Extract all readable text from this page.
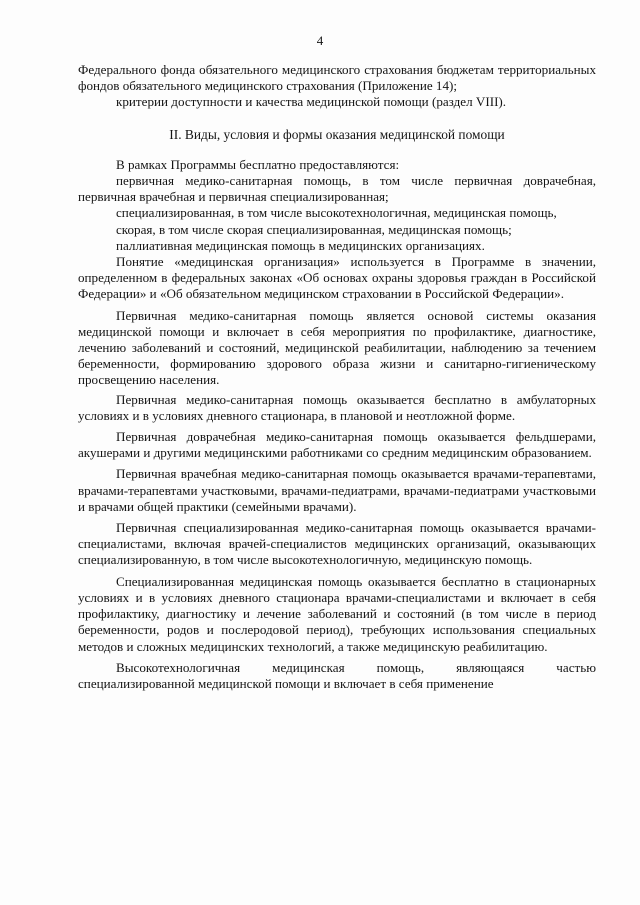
4

Федерального фонда обязательного медицинского страхования бюджетам территориальных фондов обязательного медицинского страхования (Приложение 14);

критерии доступности и качества медицинской помощи (раздел VIII).

II. Виды, условия и формы оказания медицинской помощи

В рамках Программы бесплатно предоставляются:

первичная медико-санитарная помощь, в том числе первичная доврачебная, первичная врачебная и первичная специализированная;

специализированная, в том числе высокотехнологичная, медицинская помощь,

скорая, в том числе скорая специализированная, медицинская помощь;

паллиативная медицинская помощь в медицинских организациях.

Понятие «медицинская организация» используется в Программе в значении, определенном в федеральных законах «Об основах охраны здоровья граждан в Российской Федерации» и «Об обязательном медицинском страховании в Российской Федерации».

Первичная медико-санитарная помощь является основой системы оказания медицинской помощи и включает в себя мероприятия по профилактике, диагностике, лечению заболеваний и состояний, медицинской реабилитации, наблюдению за течением беременности, формированию здорового образа жизни и санитарно-гигиеническому просвещению населения.

Первичная медико-санитарная помощь оказывается бесплатно в амбулаторных условиях и в условиях дневного стационара, в плановой и неотложной форме.

Первичная доврачебная медико-санитарная помощь оказывается фельдшерами, акушерами и другими медицинскими работниками со средним медицинским образованием.

Первичная врачебная медико-санитарная помощь оказывается врачами-терапевтами, врачами-терапевтами участковыми, врачами-педиатрами, врачами-педиатрами участковыми и врачами общей практики (семейными врачами).

Первичная специализированная медико-санитарная помощь оказывается врачами-специалистами, включая врачей-специалистов медицинских организаций, оказывающих специализированную, в том числе высокотехнологичную, медицинскую помощь.

Специализированная медицинская помощь оказывается бесплатно в стационарных условиях и в условиях дневного стационара врачами-специалистами и включает в себя профилактику, диагностику и лечение заболеваний и состояний (в том числе в период беременности, родов и послеродовой период), требующих использования специальных методов и сложных медицинских технологий, а также медицинскую реабилитацию.

Высокотехнологичная медицинская помощь, являющаяся частью специализированной медицинской помощи и включает в себя применение
